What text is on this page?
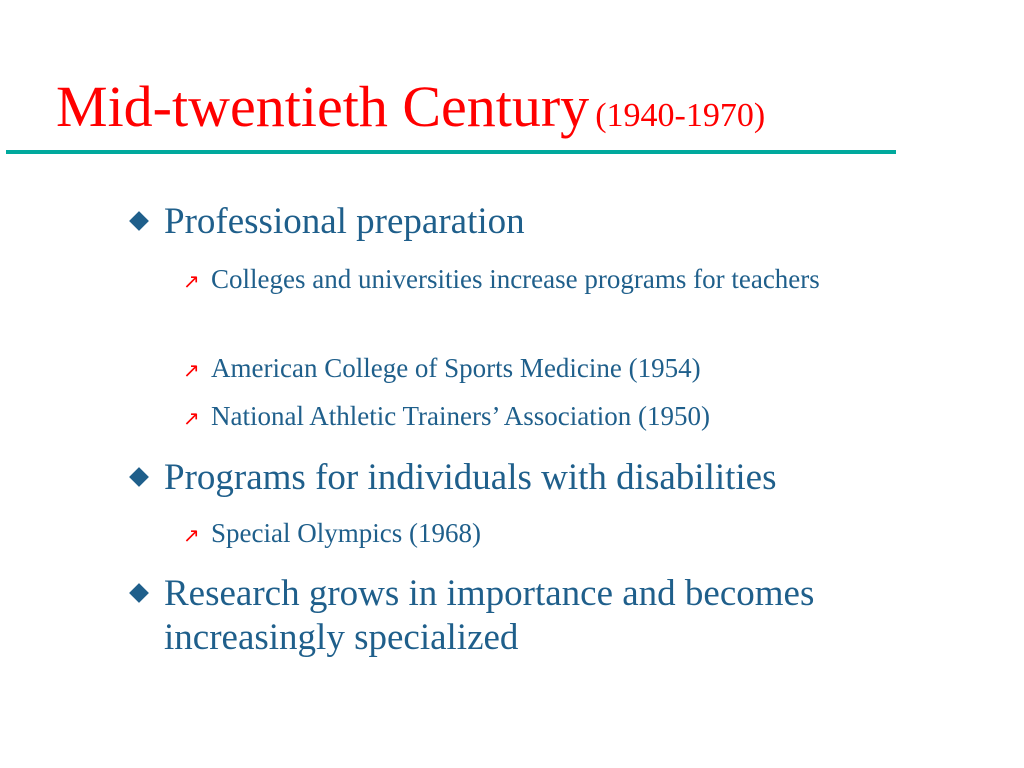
Mid-twentieth Century (1940-1970)
Professional preparation
↗ Colleges and universities increase programs for teachers
↗ American College of Sports Medicine (1954)
↗ National Athletic Trainers’ Association (1950)
Programs for individuals with disabilities
↗ Special Olympics (1968)
Research grows in importance and becomes increasingly specialized
